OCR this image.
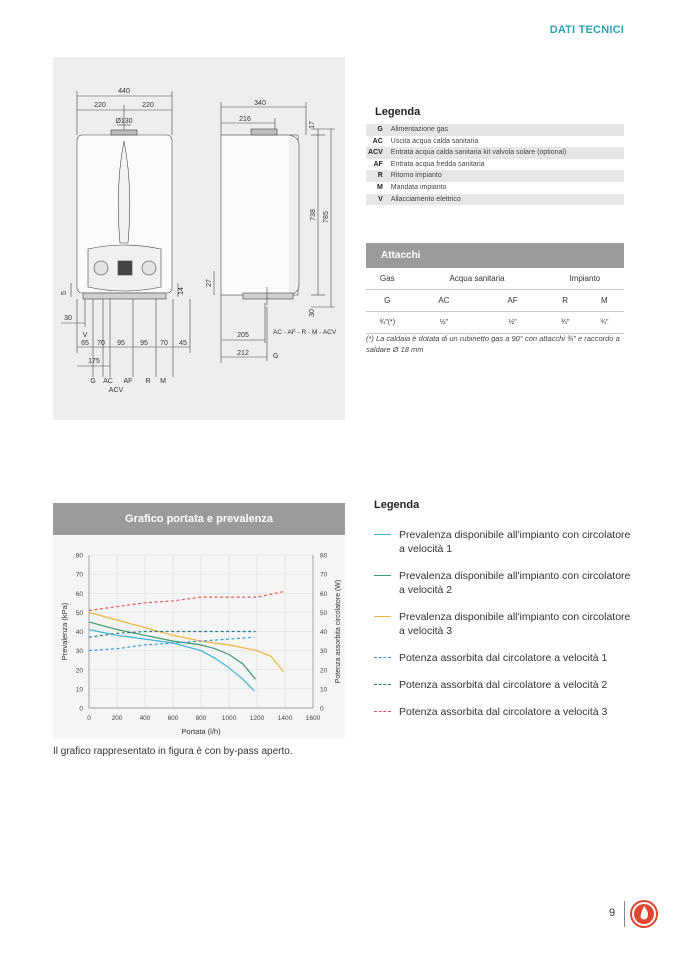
DATI TECNICI
440
220	220
Ø130
5	14
30
V
65 70 95 95 70 45
175
G AC AF R M
ACV
340
216
17
738 785
27
30
205
212	G
AC - AF - R - M - ACV
Legenda
G	Alimentazione gas
AC	Uscita acqua calda sanitaria
ACV	Entrata acqua calda sanitaria kit valvola solare (optional)
AF	Entrata acqua fredda sanitaria
R	Ritorno impianto
M	Mandata impianto
V	Allacciamento elettrico
Attacchi
Gas	Acqua sanitaria		Impianto	
G	AC	AF	R	M
¾"(*)	½"	½"	¾"	¾"
(*) La caldaia è dotata di un rubinetto gas a 90° con attacchi ¾" e raccordo a saldare Ø 18 mm
Grafico portata e prevalenza
0	0
10	10
20	20
30	30
40	40
50	50
60	60
70	70
80	80
0	200	400	600	800 1000 1200 1400 1600
Portata (l/h)
Prevalenza (kPa)	Potenza assorbita circolatore (W)
Il grafico rappresentato in figura è con by-pass aperto.
Legenda
Prevalenza disponibile all'impianto con circolatore a velocità 1
Prevalenza disponibile all'impianto con circolatore a velocità 2
Prevalenza disponibile all'impianto con circolatore a velocità 3
Potenza assorbita dal circolatore a velocità 1
Potenza assorbita dal circolatore a velocità 2
Potenza assorbita dal circolatore a velocità 3
9
